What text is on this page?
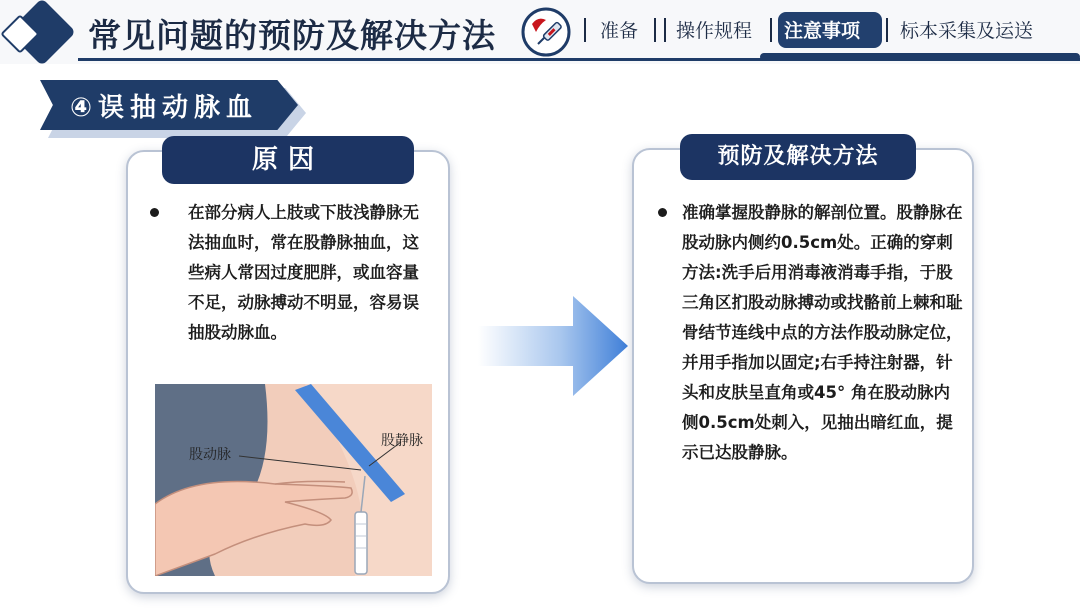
常见问题的预防及解决方法	准备 操作规程 注意事项 标本采集及运送
④误抽动脉血
原因
在部分病人上肢或下肢浅静脉无法抽血时，常在股静脉抽血，这些病人常因过度肥胖，或血容量不足，动脉搏动不明显，容易误抽股动脉血。
股动脉
股静脉
预防及解决方法
准确掌握股静脉的解剖位置。股静脉在股动脉内侧约0.5cm处。正确的穿刺方法:洗手后用消毒液消毒手指，于股三角区扪股动脉搏动或找骼前上棘和耻骨结节连线中点的方法作股动脉定位，并用手指加以固定;右手持注射器，针头和皮肤呈直角或45° 角在股动脉内侧0.5cm处刺入，见抽出暗红血，提示已达股静脉。
